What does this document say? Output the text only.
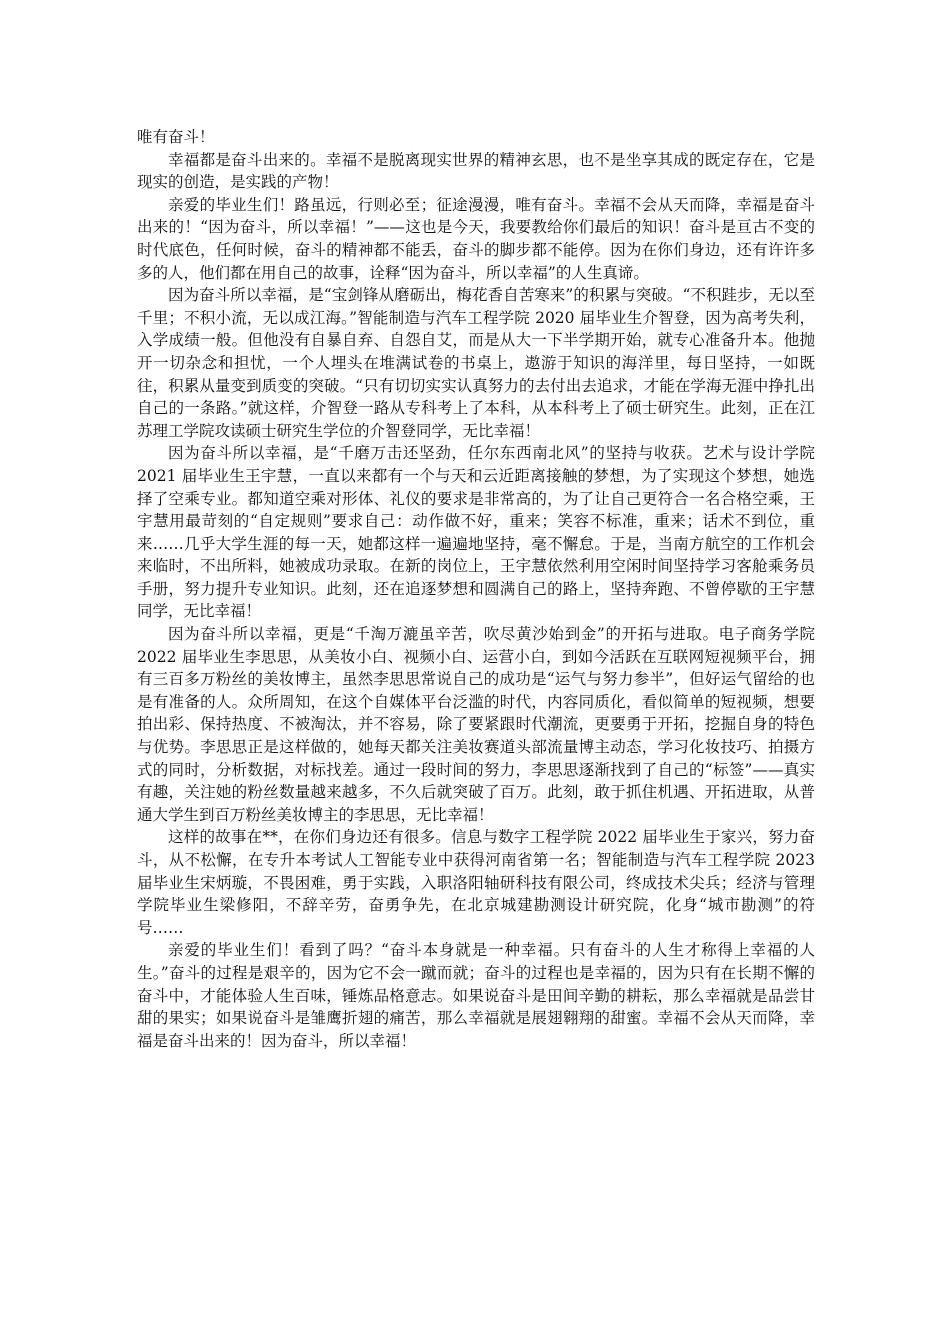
唯有奋斗！

幸福都是奋斗出来的。幸福不是脱离现实世界的精神玄思，也不是坐享其成的既定存在，它是现实的创造，是实践的产物！

亲爱的毕业生们！路虽远，行则必至；征途漫漫，唯有奋斗。幸福不会从天而降，幸福是奋斗出来的！“因为奋斗，所以幸福！”——这也是今天，我要教给你们最后的知识！奋斗是亘古不变的时代底色，任何时候，奋斗的精神都不能丢，奋斗的脚步都不能停。因为在你们身边，还有许许多多的人，他们都在用自己的故事，诠释“因为奋斗，所以幸福”的人生真谛。

因为奋斗所以幸福，是“宝剑锋从磨砺出，梅花香自苦寒来”的积累与突破。“不积跬步，无以至千里；不积小流，无以成江海。”智能制造与汽车工程学院 2020 届毕业生介智登，因为高考失利，入学成绩一般。但他没有自暴自弃、自怨自艾，而是从大一下半学期开始，就专心准备升本。他抛开一切杂念和担忧，一个人埋头在堆满试卷的书桌上，遨游于知识的海洋里，每日坚持，一如既往，积累从量变到质变的突破。“只有切切实实认真努力的去付出去追求，才能在学海无涯中挣扎出自己的一条路。”就这样，介智登一路从专科考上了本科，从本科考上了硕士研究生。此刻，正在江苏理工学院攻读硕士研究生学位的介智登同学，无比幸福！

因为奋斗所以幸福，是“千磨万击还坚劲，任尔东西南北风”的坚持与收获。艺术与设计学院 2021 届毕业生王宇慧，一直以来都有一个与天和云近距离接触的梦想，为了实现这个梦想，她选择了空乘专业。都知道空乘对形体、礼仪的要求是非常高的，为了让自己更符合一名合格空乘，王宇慧用最苛刻的“自定规则”要求自己：动作做不好，重来；笑容不标准，重来；话术不到位，重来……几乎大学生涯的每一天，她都这样一遍遍地坚持，毫不懈怠。于是，当南方航空的工作机会来临时，不出所料，她被成功录取。在新的岗位上，王宇慧依然利用空闲时间坚持学习客舱乘务员手册，努力提升专业知识。此刻，还在追逐梦想和圆满自己的路上，坚持奔跑、不曾停歇的王宇慧同学，无比幸福！

因为奋斗所以幸福，更是“千淘万漉虽辛苦，吹尽黄沙始到金”的开拓与进取。电子商务学院 2022 届毕业生李思思，从美妆小白、视频小白、运营小白，到如今活跃在互联网短视频平台，拥有三百多万粉丝的美妆博主，虽然李思思常说自己的成功是“运气与努力参半”，但好运气留给的也是有准备的人。众所周知，在这个自媒体平台泛滥的时代，内容同质化，看似简单的短视频，想要拍出彩、保持热度、不被淘汰，并不容易，除了要紧跟时代潮流，更要勇于开拓，挖掘自身的特色与优势。李思思正是这样做的，她每天都关注美妆赛道头部流量博主动态，学习化妆技巧、拍摄方式的同时，分析数据，对标找差。通过一段时间的努力，李思思逐渐找到了自己的“标签”——真实有趣，关注她的粉丝数量越来越多，不久后就突破了百万。此刻，敢于抓住机遇、开拓进取，从普通大学生到百万粉丝美妆博主的李思思，无比幸福！

这样的故事在**，在你们身边还有很多。信息与数字工程学院 2022 届毕业生于家兴，努力奋斗，从不松懈，在专升本考试人工智能专业中获得河南省第一名；智能制造与汽车工程学院 2023 届毕业生宋炳璇，不畏困难，勇于实践，入职洛阳轴研科技有限公司，终成技术尖兵；经济与管理学院毕业生梁修阳，不辞辛劳，奋勇争先，在北京城建勘测设计研究院，化身“城市勘测”的符号……

亲爱的毕业生们！看到了吗？“奋斗本身就是一种幸福。只有奋斗的人生才称得上幸福的人生。”奋斗的过程是艰辛的，因为它不会一蹴而就；奋斗的过程也是幸福的，因为只有在长期不懈的奋斗中，才能体验人生百味，锤炼品格意志。如果说奋斗是田间辛勤的耕耘，那么幸福就是品尝甘甜的果实；如果说奋斗是雏鹰折翅的痛苦，那么幸福就是展翅翱翔的甜蜜。幸福不会从天而降，幸福是奋斗出来的！因为奋斗，所以幸福！
